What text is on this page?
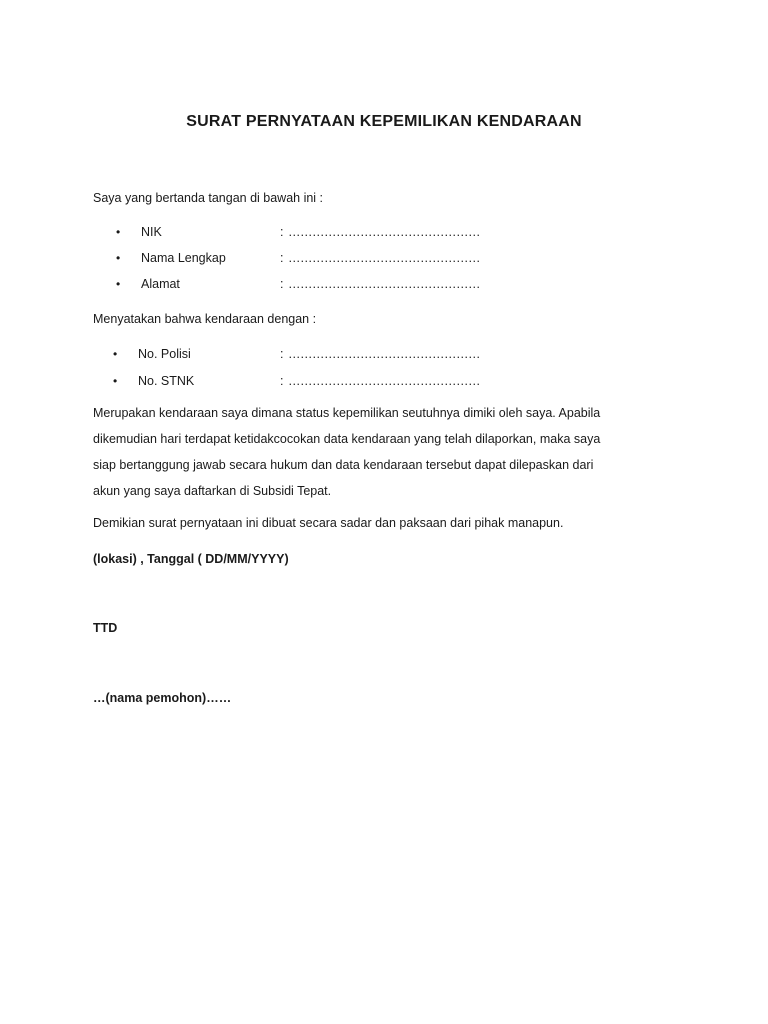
SURAT PERNYATAAN KEPEMILIKAN KENDARAAN
Saya yang bertanda tangan di bawah ini :
• NIK	: …………………………………………
• Nama Lengkap	: …………………………………………
• Alamat	: …………………………………………
Menyatakan bahwa kendaraan dengan :
• No. Polisi	: …………………………………………
• No. STNK	: …………………………………………
Merupakan kendaraan saya dimana status kepemilikan seutuhnya dimiki oleh saya. Apabila
dikemudian hari terdapat ketidakcocokan data kendaraan yang telah dilaporkan, maka saya
siap bertanggung jawab secara hukum dan data kendaraan tersebut dapat dilepaskan dari
akun yang saya daftarkan di Subsidi Tepat.
Demikian surat pernyataan ini dibuat secara sadar dan paksaan dari pihak manapun.
(lokasi) , Tanggal ( DD/MM/YYYY)
TTD
…(nama pemohon)……
